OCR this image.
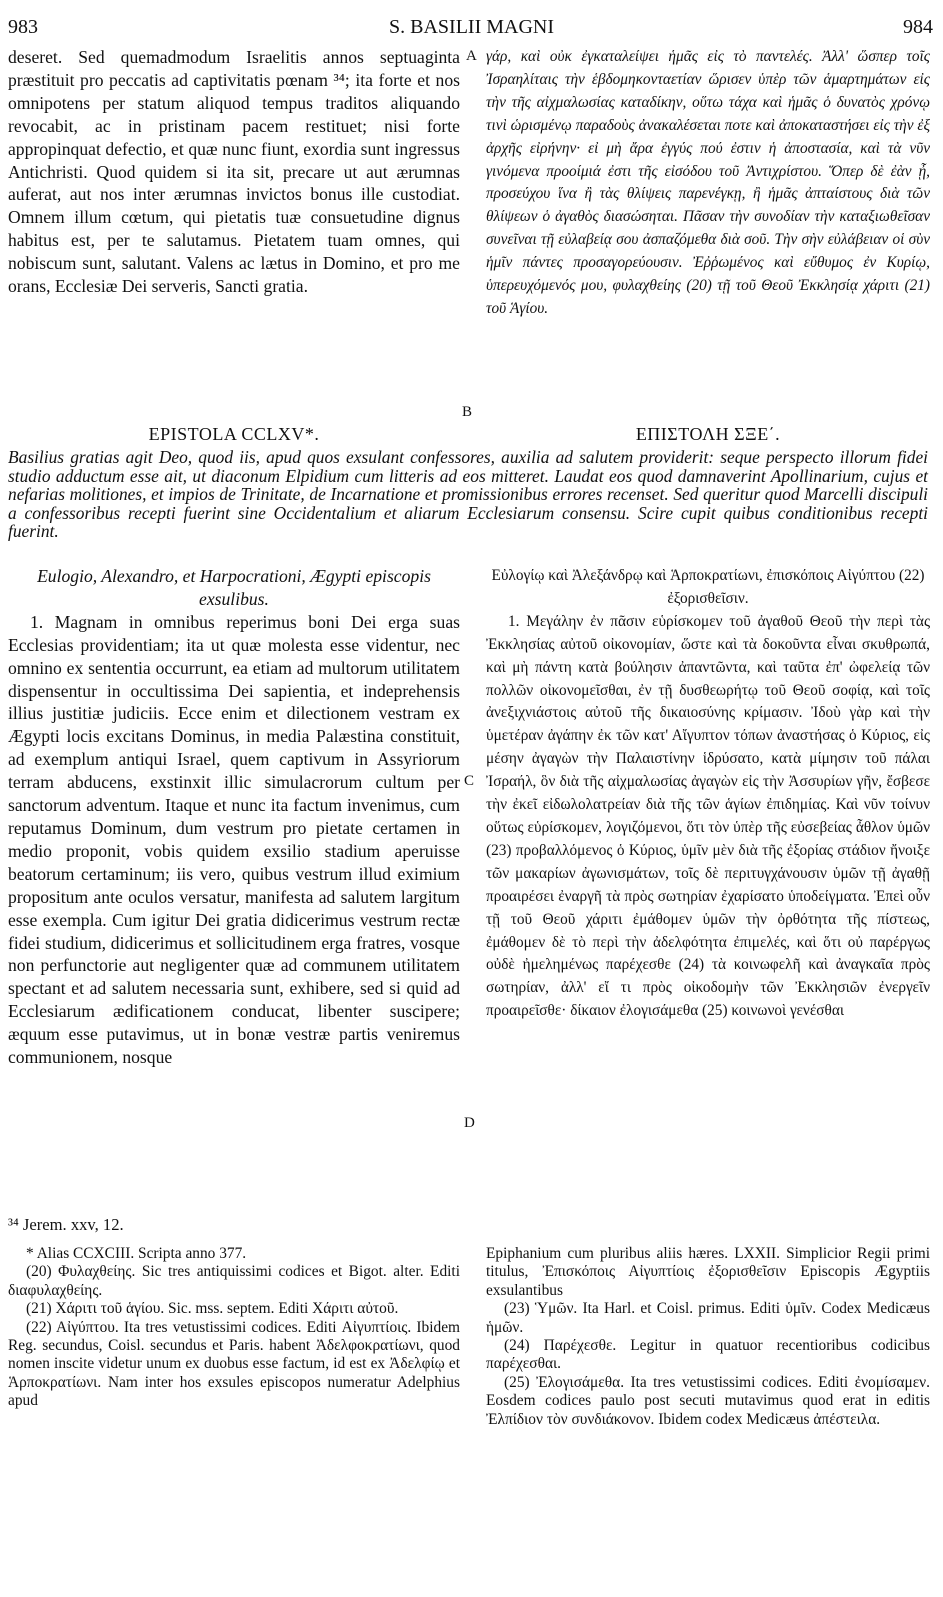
983	S. BASILII MAGNI	984

deseret. Sed quemadmodum Israelitis annos septuaginta præstituit pro peccatis ad captivitatis pœnam ³⁴; ita forte et nos omnipotens per statum aliquod tempus traditos aliquando revocabit, ac in pristinam pacem restituet; nisi forte appropinquat defectio, et quæ nunc fiunt, exordia sunt ingressus Antichristi. Quod quidem si ita sit, precare ut aut ærumnas auferat, aut nos inter ærumnas invictos bonus ille custodiat. Omnem illum cœtum, qui pietatis tuæ consuetudine dignus habitus est, per te salutamus. Pietatem tuam omnes, qui nobiscum sunt, salutant. Valens ac lætus in Domino, et pro me orans, Ecclesiæ Dei serveris, Sancti gratia.

γάρ, καὶ οὐκ ἐγκαταλείψει ἡμᾶς εἰς τὸ παντελές. Ἀλλ' ὥσπερ τοῖς Ἰσραηλίταις τὴν ἑβδομηκονταετίαν ὥρισεν ὑπὲρ τῶν ἁμαρτημάτων εἰς τὴν τῆς αἰχμαλωσίας καταδίκην, οὕτω τάχα καὶ ἡμᾶς ὁ δυνατὸς χρόνῳ τινὶ ὡρισμένῳ παραδοὺς ἀνακαλέσεται ποτε καὶ ἀποκαταστήσει εἰς τὴν ἐξ ἀρχῆς εἰρήνην· εἰ μὴ ἄρα ἐγγύς πού ἐστιν ἡ ἀποστασία, καὶ τὰ νῦν γινόμενα προοίμιά ἐστι τῆς εἰσόδου τοῦ Ἀντιχρίστου. Ὅπερ δὲ ἐὰν ᾖ, προσεύχου ἵνα ἢ τὰς θλίψεις παρενέγκῃ, ἢ ἡμᾶς ἀπταίστους διὰ τῶν θλίψεων ὁ ἀγαθὸς διασώσηται. Πᾶσαν τὴν συνοδίαν τὴν καταξιωθεῖσαν συνεῖναι τῇ εὐλαβείᾳ σου ἀσπαζόμεθα διὰ σοῦ. Τὴν σὴν εὐλάβειαν οἱ σὺν ἡμῖν πάντες προσαγορεύουσιν. Ἐῤῥωμένος καὶ εὔθυμος ἐν Κυρίῳ, ὑπερευχόμενός μου, φυλαχθείης (20) τῇ τοῦ Θεοῦ Ἐκκλησίᾳ χάριτι (21) τοῦ Ἁγίου.

A
B
C
D
EPISTOLA CCLXV*.	ΕΠΙΣΤΟΛΗ ΣΞΕ΄.
Basilius gratias agit Deo, quod iis, apud quos exsulant confessores, auxilia ad salutem providerit: seque perspecto illorum fidei studio adductum esse ait, ut diaconum Elpidium cum litteris ad eos mitteret. Laudat eos quod damnaverint Apollinarium, cujus et nefarias molitiones, et impios de Trinitate, de Incarnatione et promissionibus errores recenset. Sed queritur quod Marcelli discipuli a confessoribus recepti fuerint sine Occidentalium et aliarum Ecclesiarum consensu. Scire cupit quibus conditionibus recepti fuerint.

Eulogio, Alexandro, et Harpocrationi, Ægypti episcopis exsulibus.

1. Magnam in omnibus reperimus boni Dei erga suas Ecclesias providentiam; ita ut quæ molesta esse videntur, nec omnino ex sententia occurrunt, ea etiam ad multorum utilitatem dispensentur in occultissima Dei sapientia, et indeprehensis illius justitiæ judiciis. Ecce enim et dilectionem vestram ex Ægypti locis excitans Dominus, in media Palæstina constituit, ad exemplum antiqui Israel, quem captivum in Assyriorum terram abducens, exstinxit illic simulacrorum cultum per sanctorum adventum. Itaque et nunc ita factum invenimus, cum reputamus Dominum, dum vestrum pro pietate certamen in medio proponit, vobis quidem exsilio stadium aperuisse beatorum certaminum; iis vero, quibus vestrum illud eximium propositum ante oculos versatur, manifesta ad salutem largitum esse exempla. Cum igitur Dei gratia didicerimus vestrum rectæ fidei studium, didicerimus et sollicitudinem erga fratres, vosque non perfunctorie aut negligenter quæ ad communem utilitatem spectant et ad salutem necessaria sunt, exhibere, sed si quid ad Ecclesiarum ædificationem conducat, libenter suscipere; æquum esse putavimus, ut in bonæ vestræ partis veniremus communionem, nosque

Εὐλογίῳ καὶ Ἀλεξάνδρῳ καὶ Ἁρποκρατίωνι, ἐπισκόποις Αἰγύπτου (22) ἐξορισθεῖσιν.

1. Μεγάλην ἐν πᾶσιν εὑρίσκομεν τοῦ ἀγαθοῦ Θεοῦ τὴν περὶ τὰς Ἐκκλησίας αὐτοῦ οἰκονομίαν, ὥστε καὶ τὰ δοκοῦντα εἶναι σκυθρωπά, καὶ μὴ πάντη κατὰ βούλησιν ἀπαντῶντα, καὶ ταῦτα ἐπ' ὠφελείᾳ τῶν πολλῶν οἰκονομεῖσθαι, ἐν τῇ δυσθεωρήτῳ τοῦ Θεοῦ σοφίᾳ, καὶ τοῖς ἀνεξιχνιάστοις αὐτοῦ τῆς δικαιοσύνης κρίμασιν. Ἰδοὺ γὰρ καὶ τὴν ὑμετέραν ἀγάπην ἐκ τῶν κατ' Αἴγυπτον τόπων ἀναστήσας ὁ Κύριος, εἰς μέσην ἀγαγὼν τὴν Παλαιστίνην ἱδρύσατο, κατὰ μίμησιν τοῦ πάλαι Ἰσραήλ, ὃν διὰ τῆς αἰχμαλωσίας ἀγαγὼν εἰς τὴν Ἀσσυρίων γῆν, ἔσβεσε τὴν ἐκεῖ εἰδωλολατρείαν διὰ τῆς τῶν ἁγίων ἐπιδημίας. Καὶ νῦν τοίνυν οὕτως εὑρίσκομεν, λογιζόμενοι, ὅτι τὸν ὑπὲρ τῆς εὐσεβείας ἆθλον ὑμῶν (23) προβαλλόμενος ὁ Κύριος, ὑμῖν μὲν διὰ τῆς ἐξορίας στάδιον ἤνοιξε τῶν μακαρίων ἀγωνισμάτων, τοῖς δὲ περιτυγχάνουσιν ὑμῶν τῇ ἀγαθῇ προαιρέσει ἐναργῆ τὰ πρὸς σωτηρίαν ἐχαρίσατο ὑποδείγματα. Ἐπεὶ οὖν τῇ τοῦ Θεοῦ χάριτι ἐμάθομεν ὑμῶν τὴν ὀρθότητα τῆς πίστεως, ἐμάθομεν δὲ τὸ περὶ τὴν ἀδελφότητα ἐπιμελές, καὶ ὅτι οὐ παρέργως οὐδὲ ἠμελημένως παρέχεσθε (24) τὰ κοινωφελῆ καὶ ἀναγκαῖα πρὸς σωτηρίαν, ἀλλ' εἴ τι πρὸς οἰκοδομὴν τῶν Ἐκκλησιῶν ἐνεργεῖν προαιρεῖσθε· δίκαιον ἐλογισάμεθα (25) κοινωνοὶ γενέσθαι

³⁴ Jerem. xxv, 12.
* Alias CCXCIII. Scripta anno 377.
(20) Φυλαχθείης. Sic tres antiquissimi codices et Bigot. alter. Editi διαφυλαχθείης.
(21) Χάριτι τοῦ ἁγίου. Sic. mss. septem. Editi Χάριτι αὐτοῦ.
(22) Αἰγύπτου. Ita tres vetustissimi codices. Editi Αἰγυπτίοις. Ibidem Reg. secundus, Coisl. secundus et Paris. habent Ἀδελφοκρατίωνι, quod nomen inscite videtur unum ex duobus esse factum, id est ex Ἀδελφίῳ et Ἁρποκρατίωνι. Nam inter hos exsules episcopos numeratur Adelphius apud
Epiphanium cum pluribus aliis hæres. LXXII. Simplicior Regii primi titulus, Ἐπισκόποις Αἰγυπτίοις ἐξορισθεῖσιν Episcopis Ægyptiis exsulantibus
(23) Ὑμῶν. Ita Harl. et Coisl. primus. Editi ὑμῖν. Codex Medicæus ἡμῶν.
(24) Παρέχεσθε. Legitur in quatuor recentioribus codicibus παρέχεσθαι.
(25) Ἐλογισάμεθα. Ita tres vetustissimi codices. Editi ἐνομίσαμεν. Eosdem codices paulo post secuti mutavimus quod erat in editis Ἐλπίδιον τὸν συνδιάκονον. Ibidem codex Medicæus ἀπέστειλα.
